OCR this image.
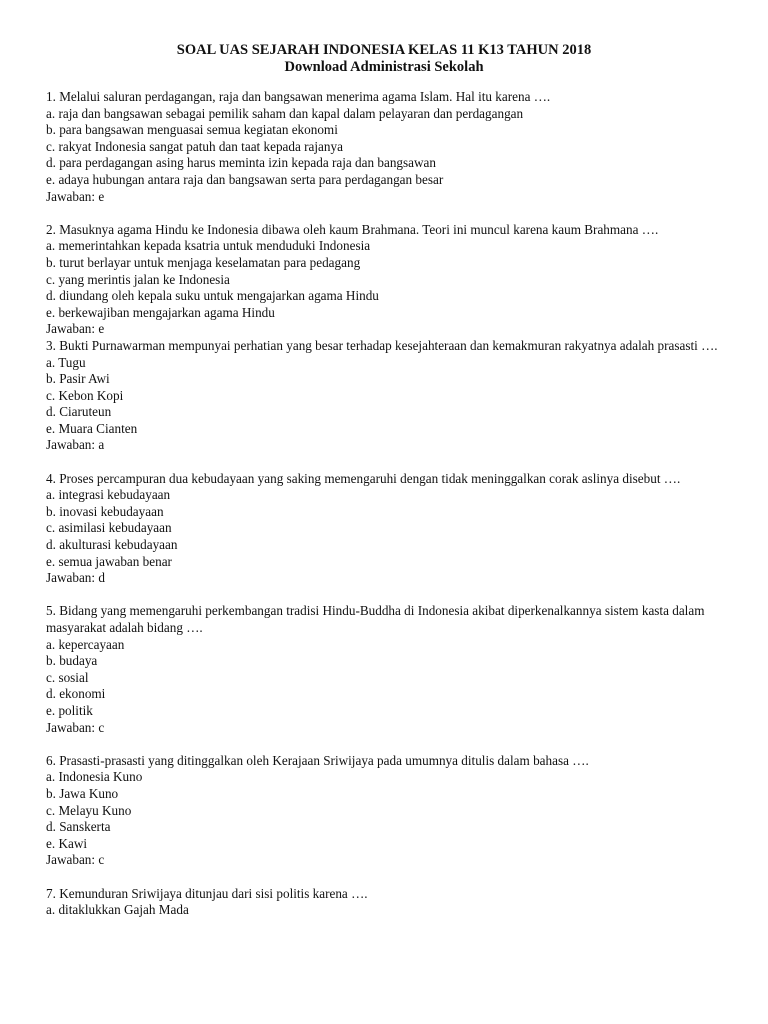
SOAL UAS SEJARAH INDONESIA KELAS 11 K13 TAHUN 2018
Download Administrasi Sekolah
1. Melalui saluran perdagangan, raja dan bangsawan menerima agama Islam. Hal itu karena ….
a. raja dan bangsawan sebagai pemilik saham dan kapal dalam pelayaran dan perdagangan
b. para bangsawan menguasai semua kegiatan ekonomi
c. rakyat Indonesia sangat patuh dan taat kepada rajanya
d. para perdagangan asing harus meminta izin kepada raja dan bangsawan
e. adaya hubungan antara raja dan bangsawan serta para perdagangan besar
Jawaban: e
2. Masuknya agama Hindu ke Indonesia dibawa oleh kaum Brahmana. Teori ini muncul karena kaum Brahmana ….
a. memerintahkan kepada ksatria untuk menduduki Indonesia
b. turut berlayar untuk menjaga keselamatan para pedagang
c. yang merintis jalan ke Indonesia
d. diundang oleh kepala suku untuk mengajarkan agama Hindu
e. berkewajiban mengajarkan agama Hindu
Jawaban: e
3. Bukti Purnawarman mempunyai perhatian yang besar terhadap kesejahteraan dan kemakmuran rakyatnya adalah prasasti ….
a. Tugu
b. Pasir Awi
c. Kebon Kopi
d. Ciaruteun
e. Muara Cianten
Jawaban: a
4. Proses percampuran dua kebudayaan yang saking memengaruhi dengan tidak meninggalkan corak aslinya disebut ….
a. integrasi kebudayaan
b. inovasi kebudayaan
c. asimilasi kebudayaan
d. akulturasi kebudayaan
e. semua jawaban benar
Jawaban: d
5. Bidang yang memengaruhi perkembangan tradisi Hindu-Buddha di Indonesia akibat diperkenalkannya sistem kasta dalam masyarakat adalah bidang ….
a. kepercayaan
b. budaya
c. sosial
d. ekonomi
e. politik
Jawaban: c
6. Prasasti-prasasti yang ditinggalkan oleh Kerajaan Sriwijaya pada umumnya ditulis dalam bahasa ….
a. Indonesia Kuno
b. Jawa Kuno
c. Melayu Kuno
d. Sanskerta
e. Kawi
Jawaban: c
7. Kemunduran Sriwijaya ditunjau dari sisi politis karena ….
a. ditaklukkan Gajah Mada
